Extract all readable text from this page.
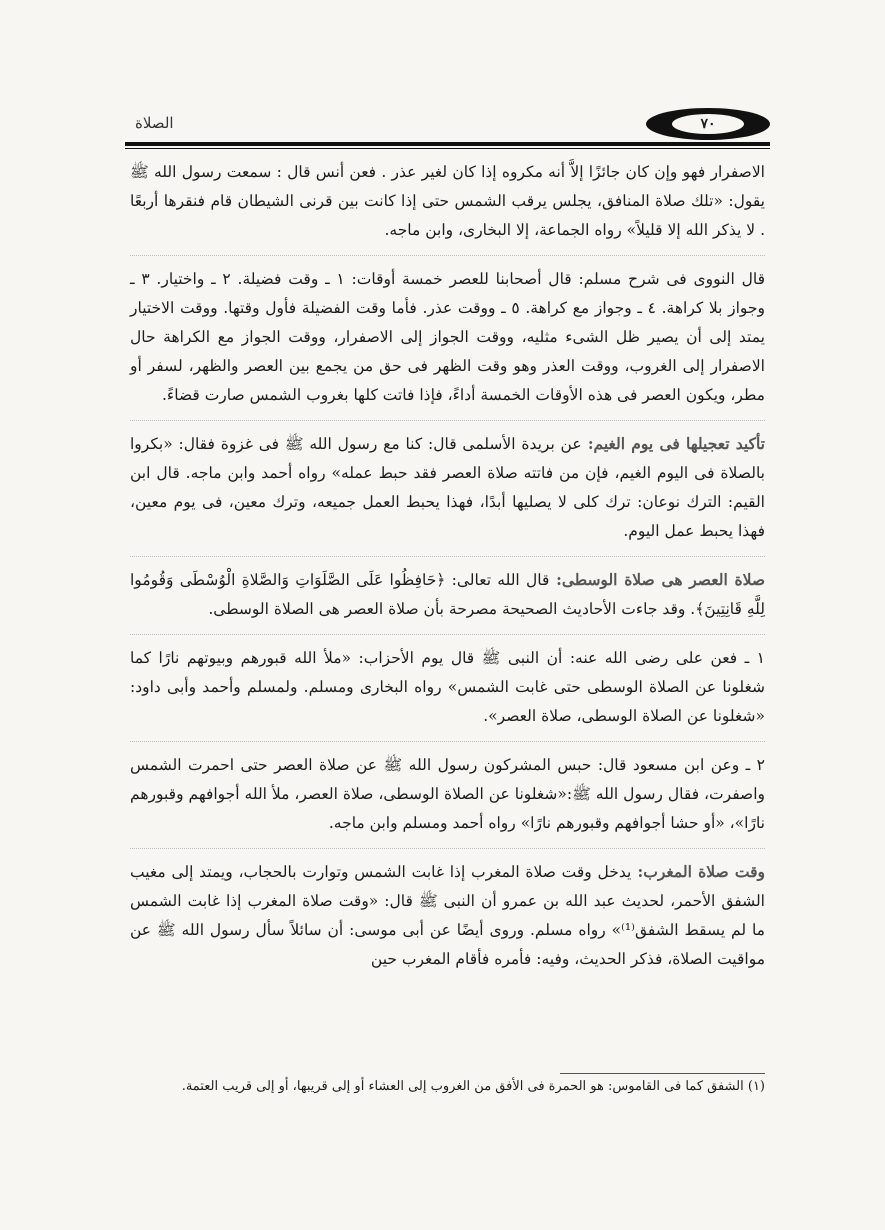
الصلاة	٧٠

الاصفرار فهو وإن كان جائزًا إلاَّ أنه مكروه إذا كان لغير عذر . فعن أنس قال : سمعت رسول الله ﷺ يقول: «تلك صلاة المنافق، يجلس يرقب الشمس حتى إذا كانت بين قرنى الشيطان قام فنقرها أربعًا . لا يذكر الله إلا قليلاً» رواه الجماعة، إلا البخارى، وابن ماجه.

قال النووى فى شرح مسلم: قال أصحابنا للعصر خمسة أوقات: ١ ـ وقت فضيلة. ٢ ـ واختيار. ٣ ـ وجواز بلا كراهة. ٤ ـ وجواز مع كراهة. ٥ ـ ووقت عذر. فأما وقت الفضيلة فأول وقتها. ووقت الاختيار يمتد إلى أن يصير ظل الشىء مثليه، ووقت الجواز إلى الاصفرار، ووقت الجواز مع الكراهة حال الاصفرار إلى الغروب، ووقت العذر وهو وقت الظهر فى حق من يجمع بين العصر والظهر، لسفر أو مطر، ويكون العصر فى هذه الأوقات الخمسة أداءً، فإذا فاتت كلها بغروب الشمس صارت قضاءً.

تأكيد تعجيلها فى يوم الغيم: عن بريدة الأسلمى قال: كنا مع رسول الله ﷺ فى غزوة فقال: «بكروا بالصلاة فى اليوم الغيم، فإن من فاتته صلاة العصر فقد حبط عمله» رواه أحمد وابن ماجه. قال ابن القيم: الترك نوعان: ترك كلى لا يصليها أبدًا، فهذا يحبط العمل جميعه، وترك معين، فى يوم معين، فهذا يحبط عمل اليوم.

صلاة العصر هى صلاة الوسطى: قال الله تعالى: ﴿حَافِظُوا عَلَى الصَّلَوَاتِ وَالصَّلاةِ الْوُسْطَى وَقُومُوا لِلَّهِ قَانِتِينَ﴾. وقد جاءت الأحاديث الصحيحة مصرحة بأن صلاة العصر هى الصلاة الوسطى.

١ ـ فعن على رضى الله عنه: أن النبى ﷺ قال يوم الأحزاب: «ملأ الله قبورهم وبيوتهم نارًا كما شغلونا عن الصلاة الوسطى حتى غابت الشمس» رواه البخارى ومسلم. ولمسلم وأحمد وأبى داود: «شغلونا عن الصلاة الوسطى، صلاة العصر».

٢ ـ وعن ابن مسعود قال: حبس المشركون رسول الله ﷺ عن صلاة العصر حتى احمرت الشمس واصفرت، فقال رسول الله ﷺ:«شغلونا عن الصلاة الوسطى، صلاة العصر، ملأ الله أجوافهم وقبورهم نارًا»، «أو حشا أجوافهم وقبورهم نارًا» رواه أحمد ومسلم وابن ماجه.

وقت صلاة المغرب: يدخل وقت صلاة المغرب إذا غابت الشمس وتوارت بالحجاب، ويمتد إلى مغيب الشفق الأحمر، لحديث عبد الله بن عمرو أن النبى ﷺ قال: «وقت صلاة المغرب إذا غابت الشمس ما لم يسقط الشفق⁽¹⁾» رواه مسلم. وروى أيضًا عن أبى موسى: أن سائلاً سأل رسول الله ﷺ عن مواقيت الصلاة، فذكر الحديث، وفيه: فأمره فأقام المغرب حين

(١) الشفق كما فى القاموس: هو الحمرة فى الأفق من الغروب إلى العشاء أو إلى قريبها، أو إلى قريب العتمة.
